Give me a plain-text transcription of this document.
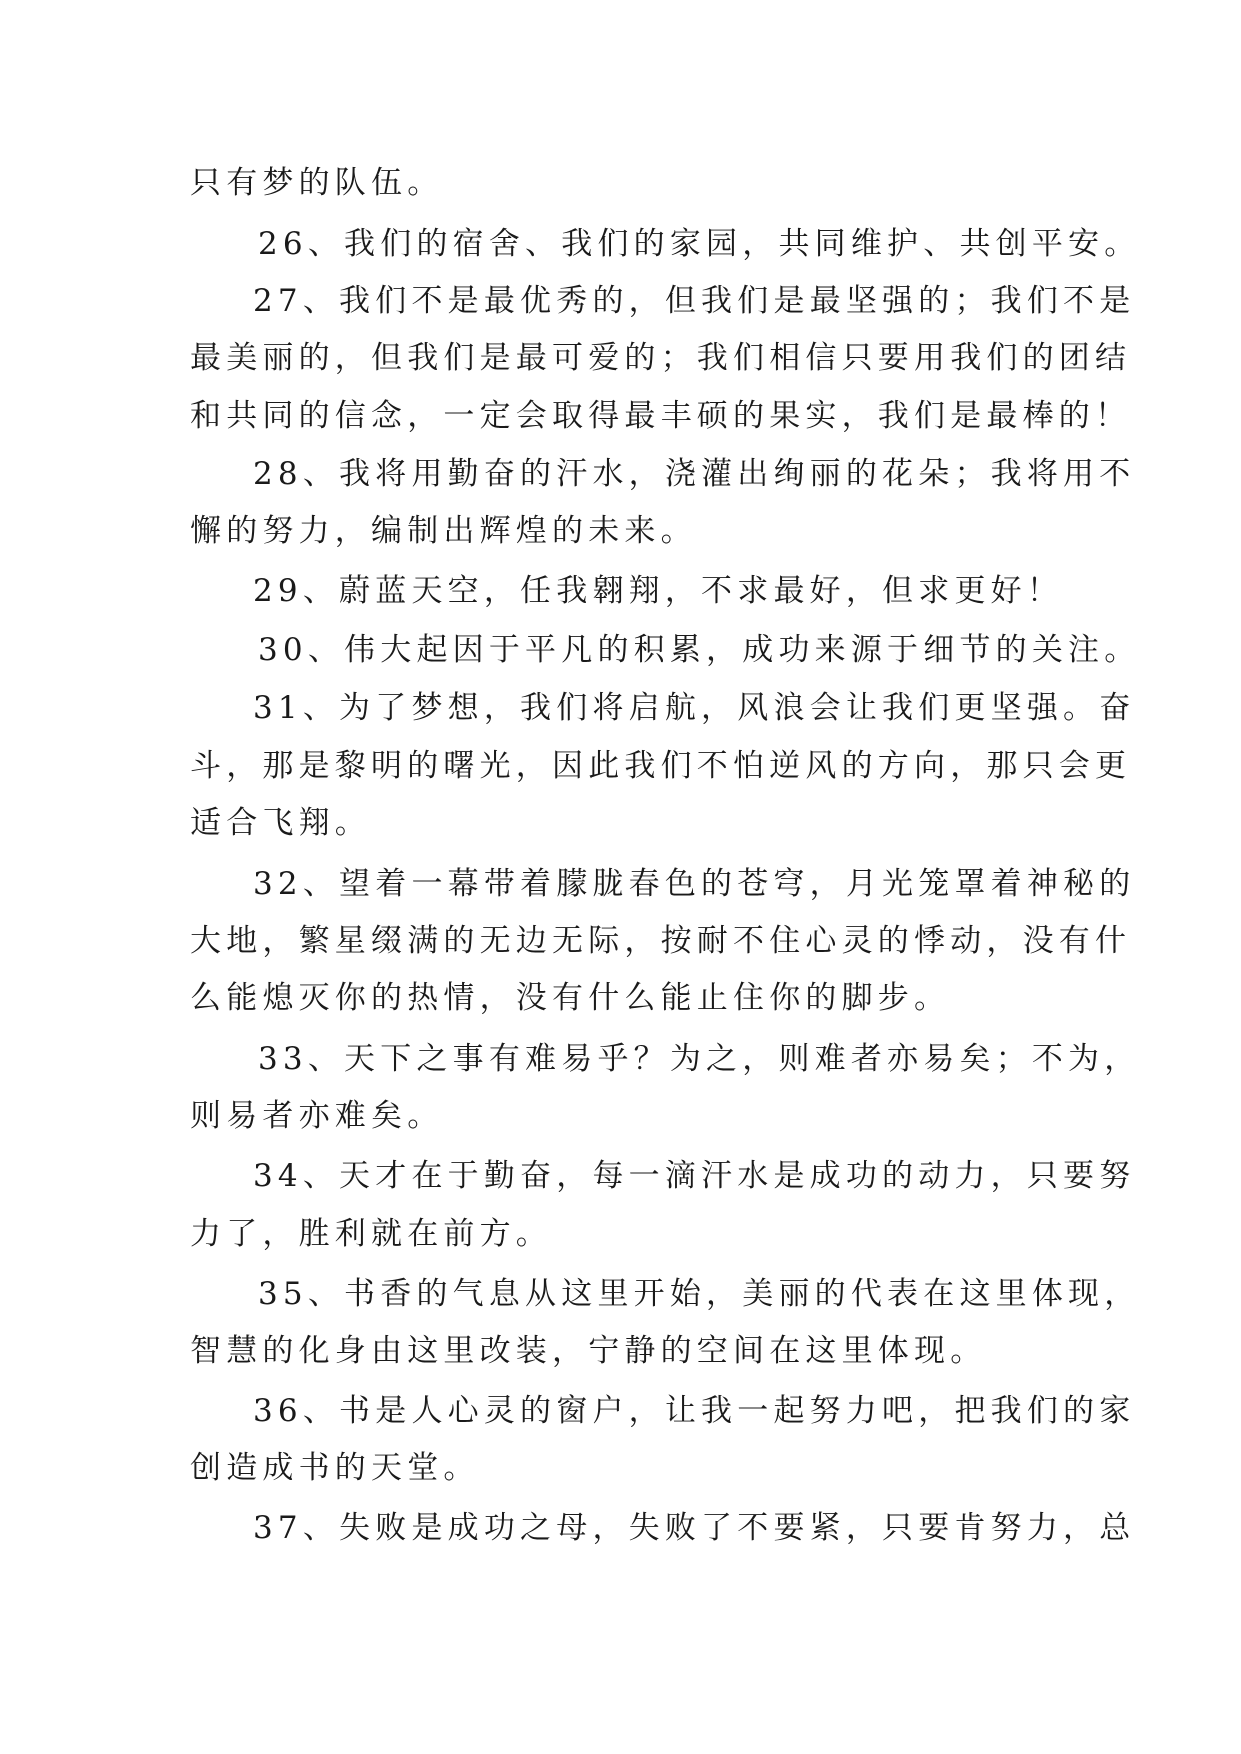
只有梦的队伍。

26、我们的宿舍、我们的家园，共同维护、共创平安。

27、我们不是最优秀的，但我们是最坚强的；我们不是

最美丽的，但我们是最可爱的；我们相信只要用我们的团结

和共同的信念，一定会取得最丰硕的果实，我们是最棒的！

28、我将用勤奋的汗水，浇灌出绚丽的花朵；我将用不

懈的努力，编制出辉煌的未来。

29、蔚蓝天空，任我翱翔，不求最好，但求更好！

30、伟大起因于平凡的积累，成功来源于细节的关注。

31、为了梦想，我们将启航，风浪会让我们更坚强。奋

斗，那是黎明的曙光，因此我们不怕逆风的方向，那只会更

适合飞翔。

32、望着一幕带着朦胧春色的苍穹，月光笼罩着神秘的

大地，繁星缀满的无边无际，按耐不住心灵的悸动，没有什

么能熄灭你的热情，没有什么能止住你的脚步。

33、天下之事有难易乎？为之，则难者亦易矣；不为，

则易者亦难矣。

34、天才在于勤奋，每一滴汗水是成功的动力，只要努

力了，胜利就在前方。

35、书香的气息从这里开始，美丽的代表在这里体现，

智慧的化身由这里改装，宁静的空间在这里体现。

36、书是人心灵的窗户，让我一起努力吧，把我们的家

创造成书的天堂。

37、失败是成功之母，失败了不要紧，只要肯努力，总
